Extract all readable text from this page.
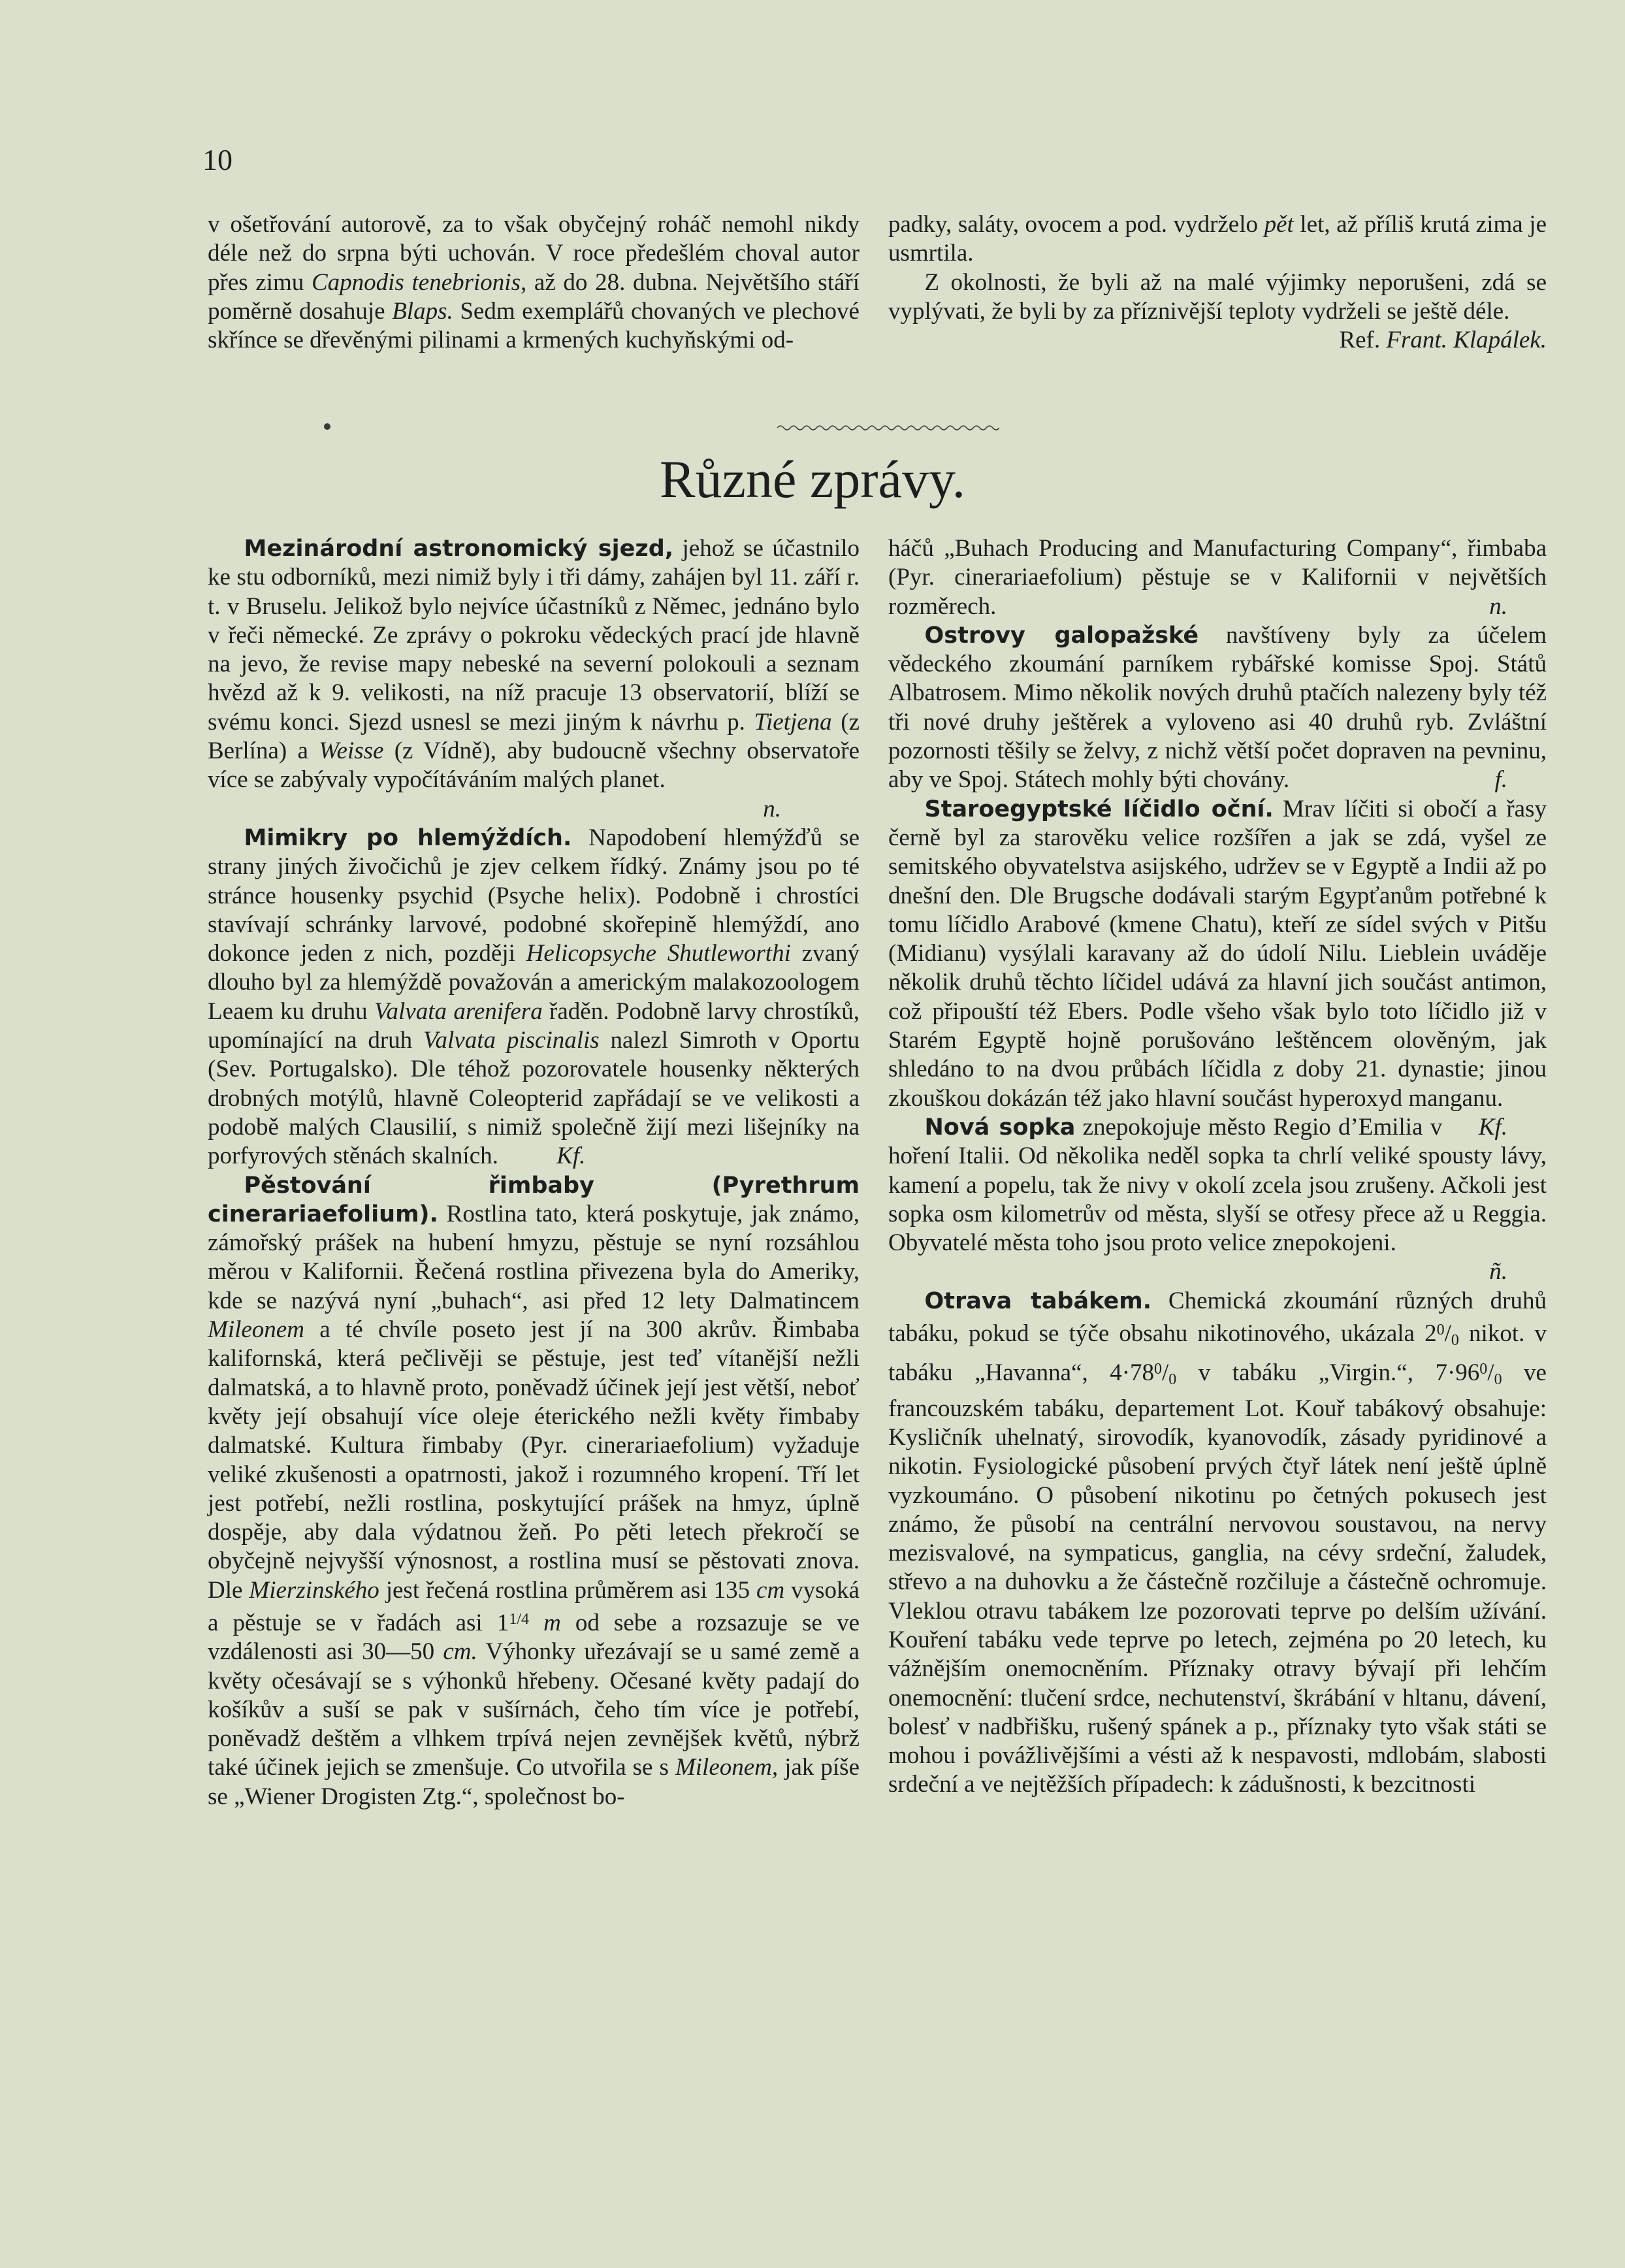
10

v ošetřování autorově, za to však obyčejný roháč nemohl nikdy déle než do srpna býti uchován. V roce předešlém choval autor přes zimu Capnodis tenebrionis, až do 28. dubna. Největšího stáří poměrně dosahuje Blaps. Sedm exemplářů chovaných ve plechové skřínce se dřevěnými pilinami a krmených kuchyňskými od-

padky, saláty, ovocem a pod. vydrželo pět let, až příliš krutá zima je usmrtila.

Z okolnosti, že byli až na malé výjimky neporušeni, zdá se vyplývati, že byli by za příznivější teploty vydrželi se ještě déle.

Ref. Frant. Klapálek.

Různé zprávy.

Mezinárodní astronomický sjezd, jehož se účastnilo ke stu odborníků, mezi nimiž byly i tři dámy, zahájen byl 11. září r. t. v Bruselu. Jelikož bylo nejvíce účastníků z Němec, jednáno bylo v řeči německé. Ze zprávy o pokroku vědeckých prací jde hlavně na jevo, že revise mapy nebeské na severní polokouli a seznam hvězd až k 9. velikosti, na níž pracuje 13 observatorií, blíží se svému konci. Sjezd usnesl se mezi jiným k návrhu p. Tietjena (z Berlína) a Weisse (z Vídně), aby budoucně všechny observatoře více se zabývaly vypočítáváním malých planet.

n.

Mimikry po hlemýždích. Napodobení hlemýžďů se strany jiných živočichů je zjev celkem řídký. Známy jsou po té stránce housenky psychid (Psyche helix). Podobně i chrostíci stavívají schránky larvové, podobné skořepině hlemýždí, ano dokonce jeden z nich, později Helicopsyche Shutleworthi zvaný dlouho byl za hlemýždě považován a americkým malakozoologem Leaem ku druhu Valvata arenifera řaděn. Podobně larvy chrostíků, upomínající na druh Valvata piscinalis nalezl Simroth v Oportu (Sev. Portugalsko). Dle téhož pozorovatele housenky některých drobných motýlů, hlavně Coleopterid zapřádají se ve velikosti a podobě malých Clausilií, s nimiž společně žijí mezi lišejníky na porfyrových stěnách skalních. Kf.

Pěstování řimbaby (Pyrethrum cinerariaefolium). Rostlina tato, která poskytuje, jak známo, zámořský prášek na hubení hmyzu, pěstuje se nyní rozsáhlou měrou v Kalifornii. Řečená rostlina přivezena byla do Ameriky, kde se nazývá nyní „buhach“, asi před 12 lety Dalmatincem Mileonem a té chvíle poseto jest jí na 300 akrův. Řimbaba kalifornská, která pečlivěji se pěstuje, jest teď vítanější nežli dalmatská, a to hlavně proto, poněvadž účinek její jest větší, neboť květy její obsahují více oleje éterického nežli květy řimbaby dalmatské. Kultura řimbaby (Pyr. cinerariaefolium) vyžaduje veliké zkušenosti a opatrnosti, jakož i rozumného kropení. Tří let jest potřebí, nežli rostlina, poskytující prášek na hmyz, úplně dospěje, aby dala výdatnou žeň. Po pěti letech překročí se obyčejně nejvyšší výnosnost, a rostlina musí se pěstovati znova. Dle Mierzinského jest řečená rostlina průměrem asi 135 cm vysoká a pěstuje se v řadách asi $1^{1/4}$ m od sebe a rozsazuje se ve vzdálenosti asi 30—50 cm. Výhonky uřezávají se u samé země a květy očesávají se s výhonků hřebeny. Očesané květy padají do košíkův a suší se pak v sušírnách, čeho tím více je potřebí, poněvadž deštěm a vlhkem trpívá nejen zevnějšek květů, nýbrž také účinek jejich se zmenšuje. Co utvořila se s Mileonem, jak píše se „Wiener Drogisten Ztg.“, společnost bo-

háčů „Buhach Producing and Manufacturing Company“, řimbaba (Pyr. cinerariaefolium) pěstuje se v Kalifornii v největších rozměrech.	n.

Ostrovy galopažské navštíveny byly za účelem vědeckého zkoumání parníkem rybářské komisse Spoj. Států Albatrosem. Mimo několik nových druhů ptačích nalezeny byly též tři nové druhy ještěrek a vyloveno asi 40 druhů ryb. Zvláštní pozornosti těšily se želvy, z nichž větší počet dopraven na pevninu, aby ve Spoj. Státech mohly býti chovány.	f.

Staroegyptské líčidlo oční. Mrav líčiti si obočí a řasy černě byl za starověku velice rozšířen a jak se zdá, vyšel ze semitského obyvatelstva asijského, udržev se v Egyptě a Indii až po dnešní den. Dle Brugsche dodávali starým Egypťanům potřebné k tomu líčidlo Arabové (kmene Chatu), kteří ze sídel svých v Pitšu (Midianu) vysýlali karavany až do údolí Nilu. Lieblein uváděje několik druhů těchto líčidel udává za hlavní jich součást antimon, což připouští též Ebers. Podle všeho však bylo toto líčidlo již v Starém Egyptě hojně porušováno leštěncem olověným, jak shledáno to na dvou průbách líčidla z doby 21. dynastie; jinou zkouškou dokázán též jako hlavní součást hyperoxyd manganu.
Kf.

Nová sopka znepokojuje město Regio d’Emilia v hoření Italii. Od několika neděl sopka ta chrlí veliké spousty lávy, kamení a popelu, tak že nivy v okolí zcela jsou zrušeny. Ačkoli jest sopka osm kilometrův od města, slyší se otřesy přece až u Reggia. Obyvatelé města toho jsou proto velice znepokojeni.

ñ.

Otrava tabákem. Chemická zkoumání různých druhů tabáku, pokud se týče obsahu nikotinového, ukázala $2^0/_0$ nikot. v tabáku „Havanna“, $4\cdot 78^0/_0$ v tabáku „Virgin.“, $7\cdot 96^0/_0$ ve francouzském tabáku, departement Lot. Kouř tabákový obsahuje: Kysličník uhelnatý, sirovodík, kyanovodík, zásady pyridinové a nikotin. Fysiologické působení prvých čtyř látek není ještě úplně vyzkoumáno. O působení nikotinu po četných pokusech jest známo, že působí na centrální nervovou soustavou, na nervy mezisvalové, na sympaticus, ganglia, na cévy srdeční, žaludek, střevo a na duhovku a že částečně rozčiluje a částečně ochromuje. Vleklou otravu tabákem lze pozorovati teprve po delším užívání. Kouření tabáku vede teprve po letech, zejména po 20 letech, ku vážnějším onemocněním. Příznaky otravy bývají při lehčím onemocnění: tlučení srdce, nechutenství, škrábání v hltanu, dávení, bolesť v nadbřišku, rušený spánek a p., příznaky tyto však státi se mohou i povážlivějšími a vésti až k nespavosti, mdlobám, slabosti srdeční a ve nejtěžších případech: k zádušnosti, k bezcitnosti
